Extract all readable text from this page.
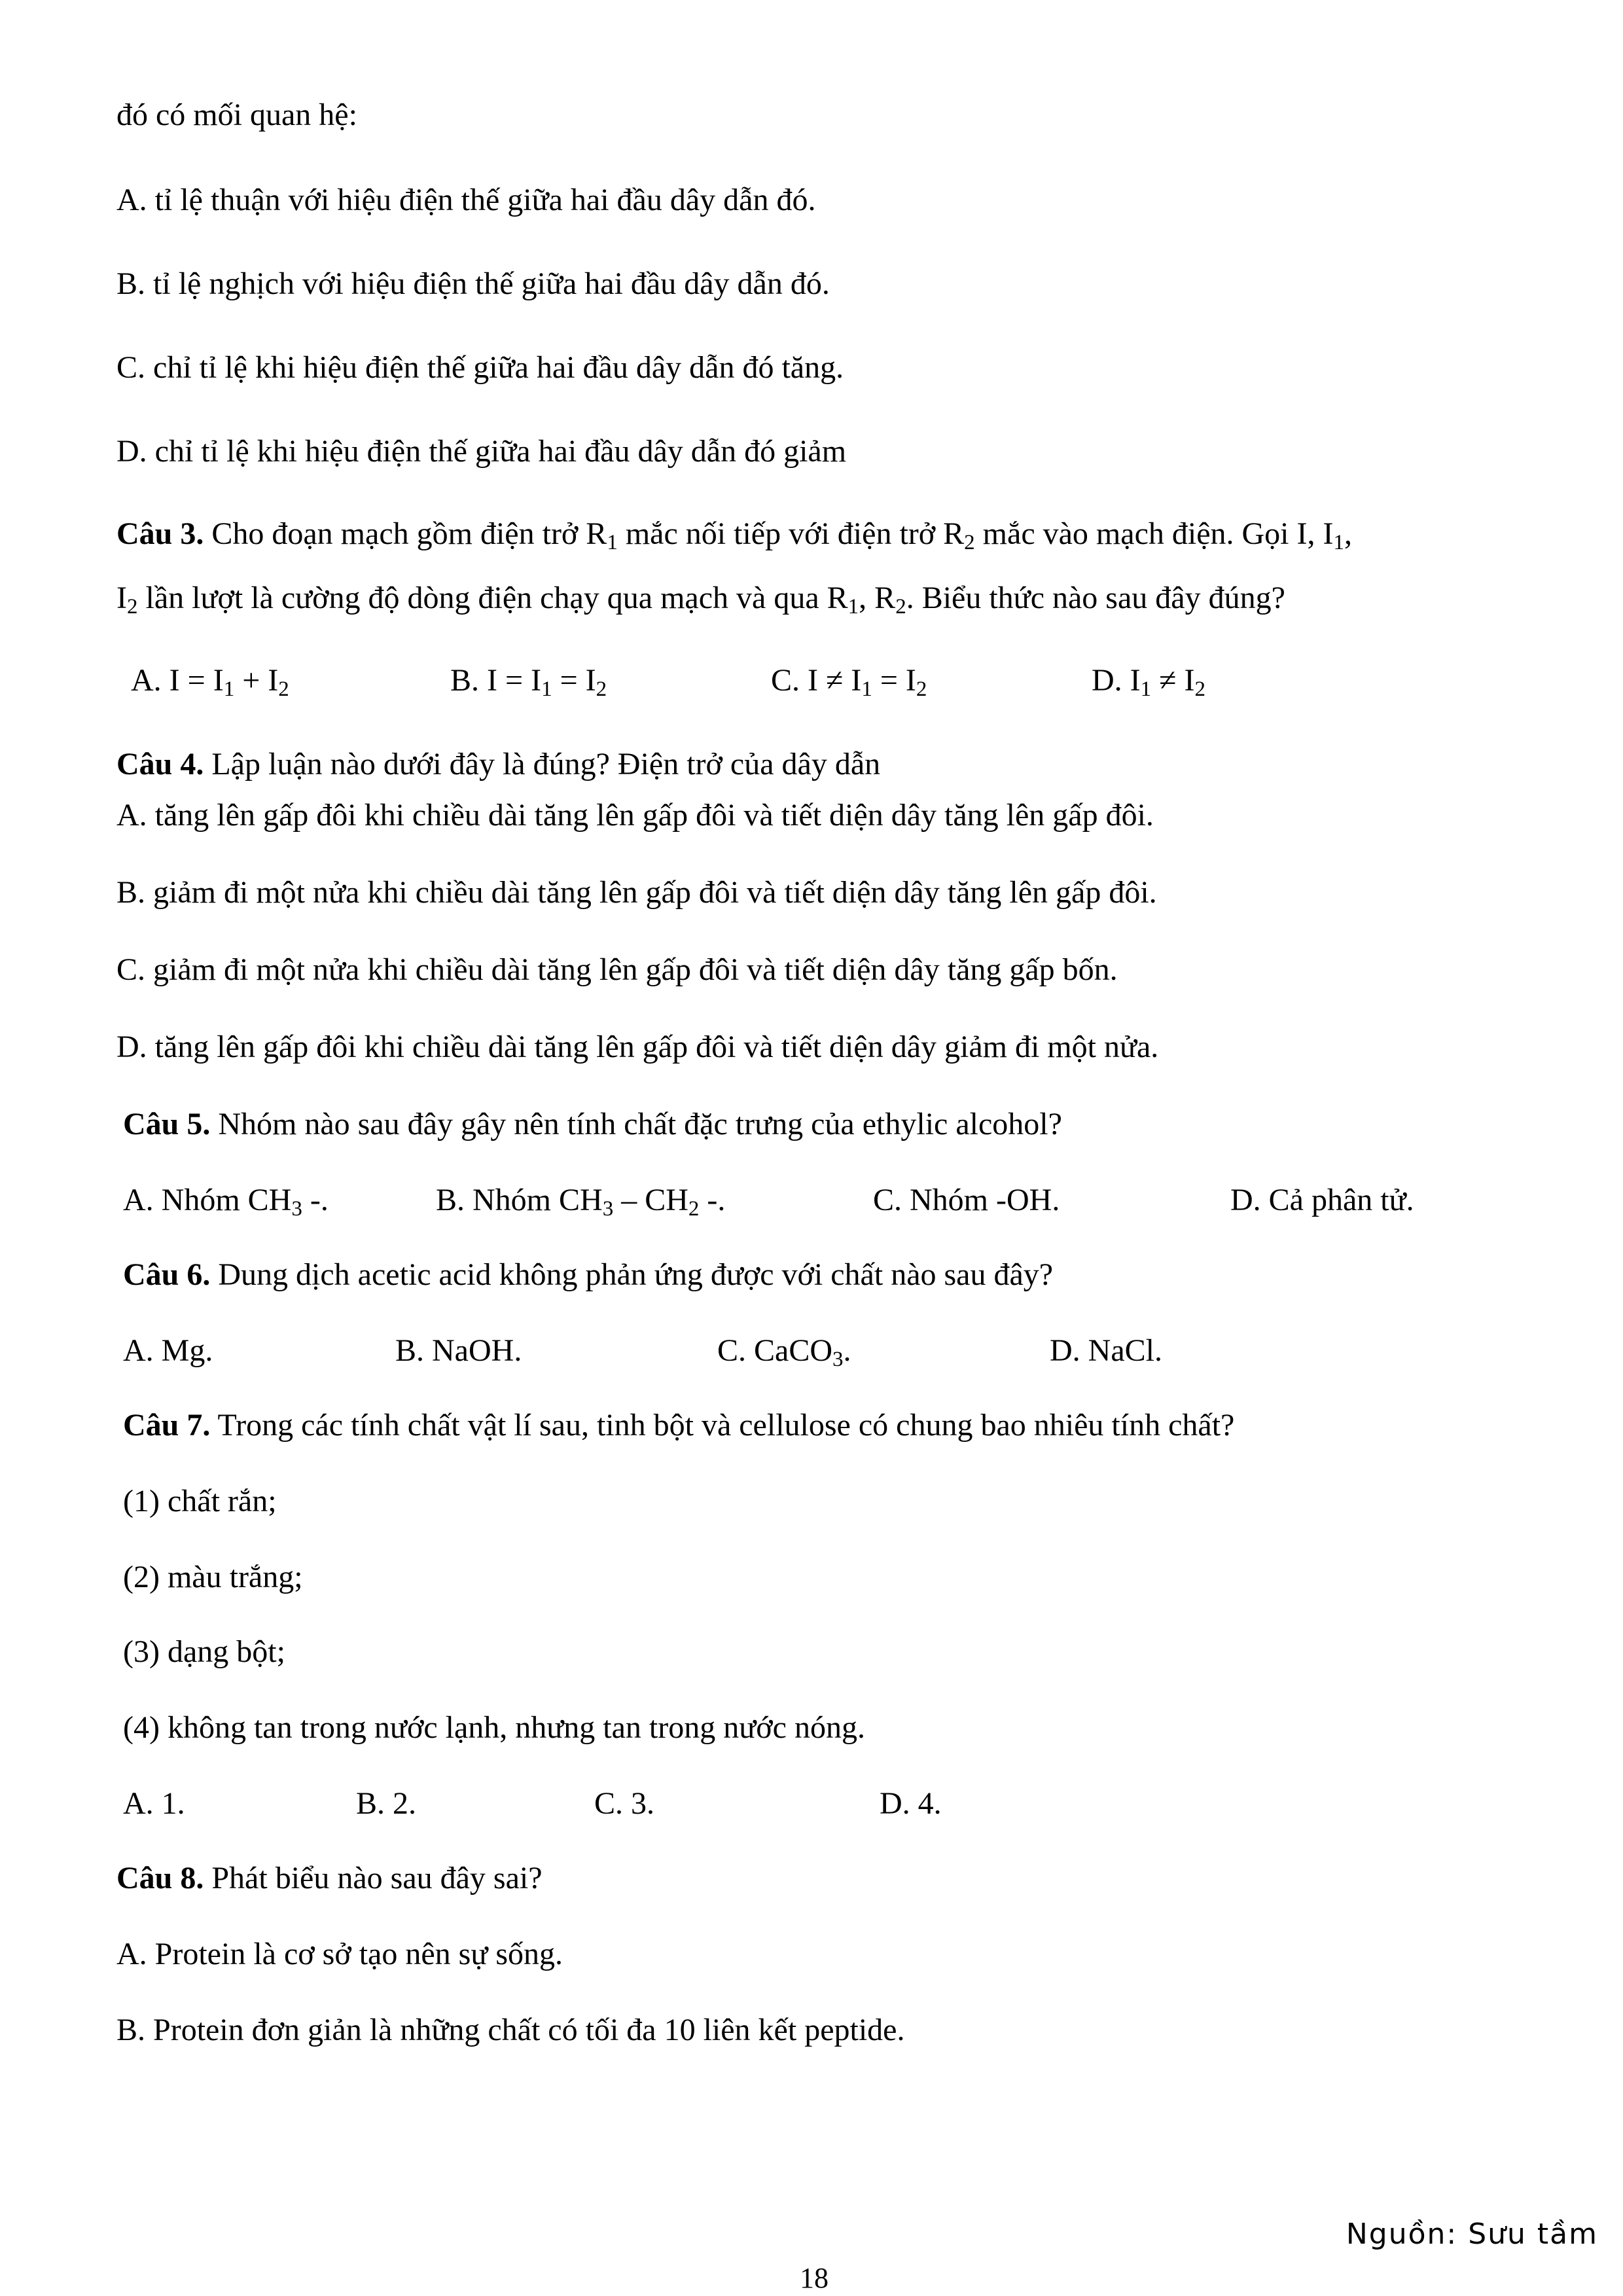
đó có mối quan hệ:
A. tỉ lệ thuận với hiệu điện thế giữa hai đầu dây dẫn đó.
B. tỉ lệ nghịch với hiệu điện thế giữa hai đầu dây dẫn đó.
C. chỉ tỉ lệ khi hiệu điện thế giữa hai đầu dây dẫn đó tăng.
D. chỉ tỉ lệ khi hiệu điện thế giữa hai đầu dây dẫn đó giảm
Câu 3. Cho đoạn mạch gồm điện trở $R_1$ mắc nối tiếp với điện trở $R_2$ mắc vào mạch điện. Gọi I, $I_1$,
$I_2$ lần lượt là cường độ dòng điện chạy qua mạch và qua $R_1$, $R_2$. Biểu thức nào sau đây đúng?
A. $I = I_1 + I_2$	B. $I = I_1 = I_2$	C. $I \ne I_1 = I_2$	D. $I_1 \ne I_2$
Câu 4. Lập luận nào dưới đây là đúng? Điện trở của dây dẫn
A. tăng lên gấp đôi khi chiều dài tăng lên gấp đôi và tiết diện dây tăng lên gấp đôi.
B. giảm đi một nửa khi chiều dài tăng lên gấp đôi và tiết diện dây tăng lên gấp đôi.
C. giảm đi một nửa khi chiều dài tăng lên gấp đôi và tiết diện dây tăng gấp bốn.
D. tăng lên gấp đôi khi chiều dài tăng lên gấp đôi và tiết diện dây giảm đi một nửa.
Câu 5. Nhóm nào sau đây gây nên tính chất đặc trưng của ethylic alcohol?
A. Nhóm $CH_3$ -.	B. Nhóm $CH_3 - CH_2$ -.	C. Nhóm -OH.	D. Cả phân tử.
Câu 6. Dung dịch acetic acid không phản ứng được với chất nào sau đây?
A. Mg.	B. NaOH.	C. CaCO$_3$.	D. NaCl.
Câu 7. Trong các tính chất vật lí sau, tinh bột và cellulose có chung bao nhiêu tính chất?
(1) chất rắn;
(2) màu trắng;
(3) dạng bột;
(4) không tan trong nước lạnh, nhưng tan trong nước nóng.
A. 1.	B. 2.	C. 3.	D. 4.
Câu 8. Phát biểu nào sau đây sai?
A. Protein là cơ sở tạo nên sự sống.
B. Protein đơn giản là những chất có tối đa 10 liên kết peptide.
Nguồn: Sưu tầm
18
